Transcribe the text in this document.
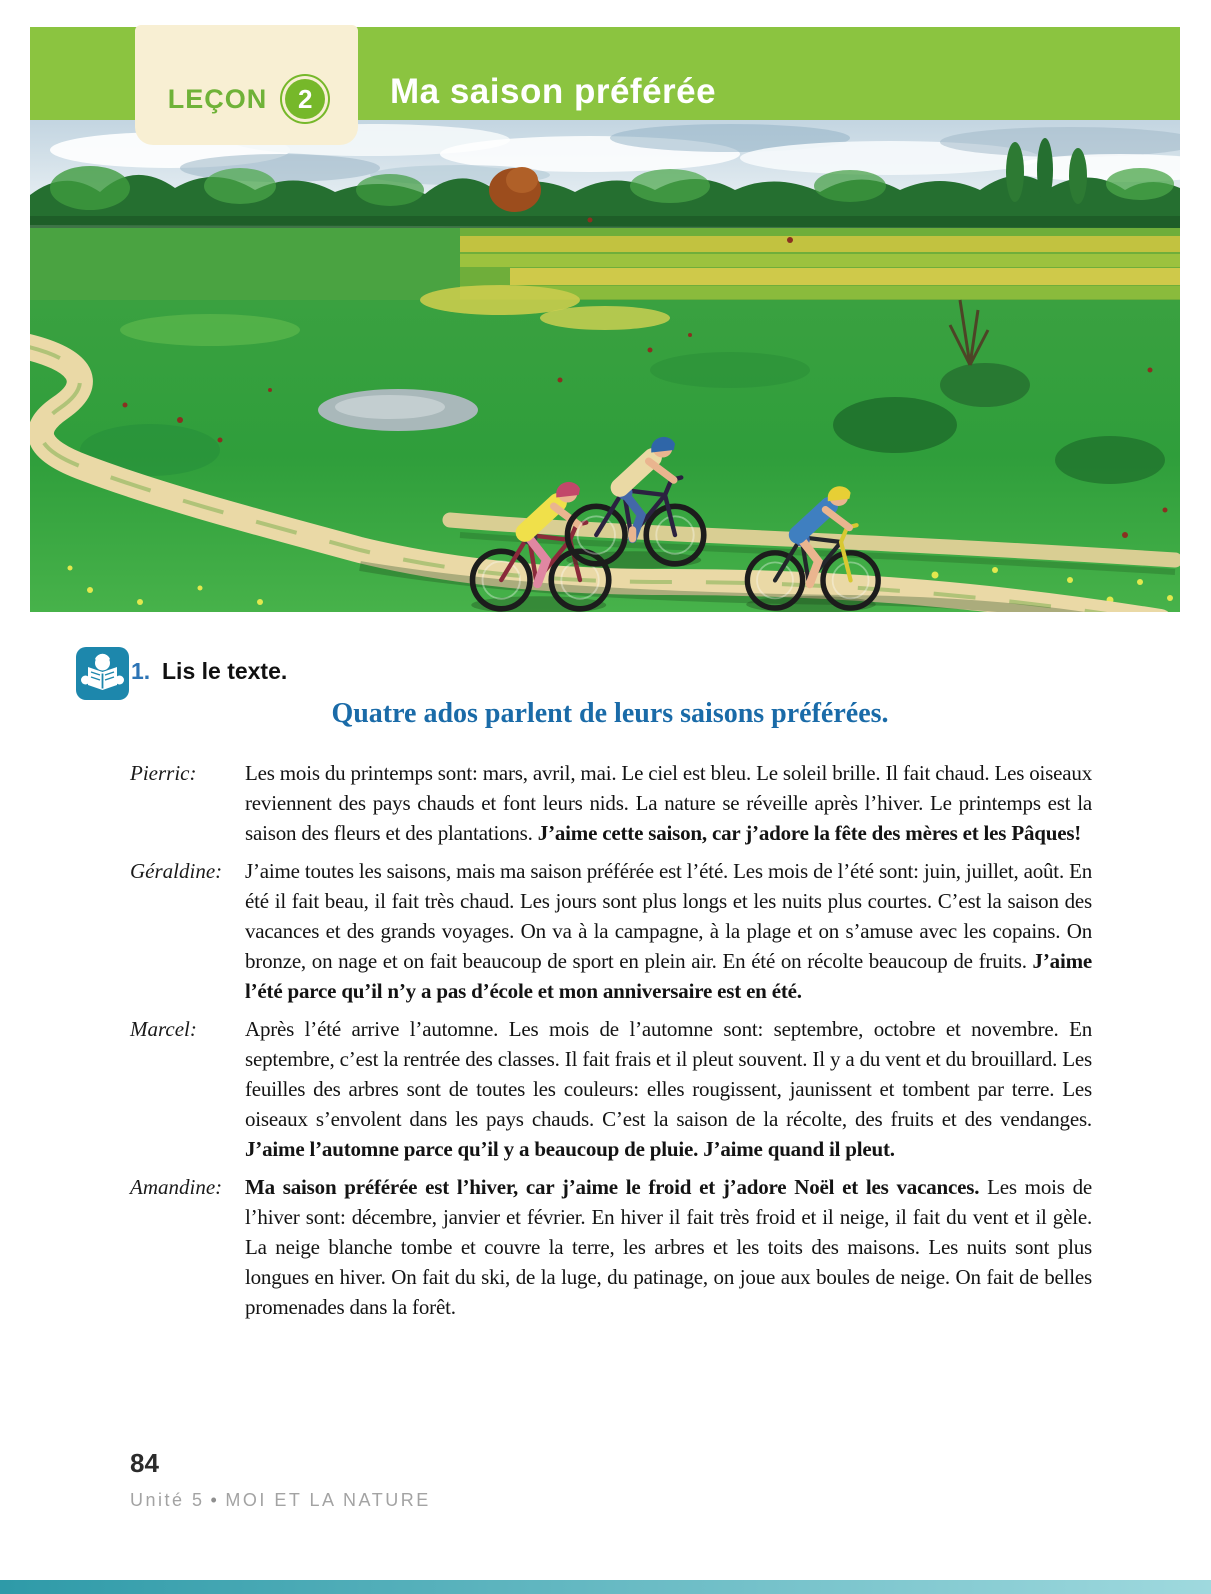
LEÇON	2	Ma saison préférée
1. Lis le texte.
Quatre ados parlent de leurs saisons préférées.
Pierric:	Les mois du printemps sont: mars, avril, mai. Le ciel est bleu. Le soleil brille. Il fait chaud. Les oiseaux reviennent des pays chauds et font leurs nids. La nature se réveille après l’hiver. Le printemps est la saison des fleurs et des plantations. J’aime cette saison, car j’adore la fête des mères et les Pâques!
Géraldine:	J’aime toutes les saisons, mais ma saison préférée est l’été. Les mois de l’été sont: juin, juillet, août. En été il fait beau, il fait très chaud. Les jours sont plus longs et les nuits plus courtes. C’est la saison des vacances et des grands voyages. On va à la campagne, à la plage et on s’amuse avec les copains. On bronze, on nage et on fait beaucoup de sport en plein air. En été on récolte beaucoup de fruits. J’aime l’été parce qu’il n’y a pas d’école et mon anniversaire est en été.
Marcel:	Après l’été arrive l’automne. Les mois de l’automne sont: septembre, octobre et novembre. En septembre, c’est la rentrée des classes. Il fait frais et il pleut souvent. Il y a du vent et du brouillard. Les feuilles des arbres sont de toutes les couleurs: elles rougissent, jaunissent et tombent par terre. Les oiseaux s’envolent dans les pays chauds. C’est la saison de la récolte, des fruits et des vendanges. J’aime l’automne parce qu’il y a beaucoup de pluie. J’aime quand il pleut.
Amandine:	Ma saison préférée est l’hiver, car j’aime le froid et j’adore Noël et les vacances. Les mois de l’hiver sont: décembre, janvier et février. En hiver il fait très froid et il neige, il fait du vent et il gèle. La neige blanche tombe et couvre la terre, les arbres et les toits des maisons. Les nuits sont plus longues en hiver. On fait du ski, de la luge, du patinage, on joue aux boules de neige. On fait de belles promenades dans la forêt.
84
Unité 5 • MOI ET LA NATURE
